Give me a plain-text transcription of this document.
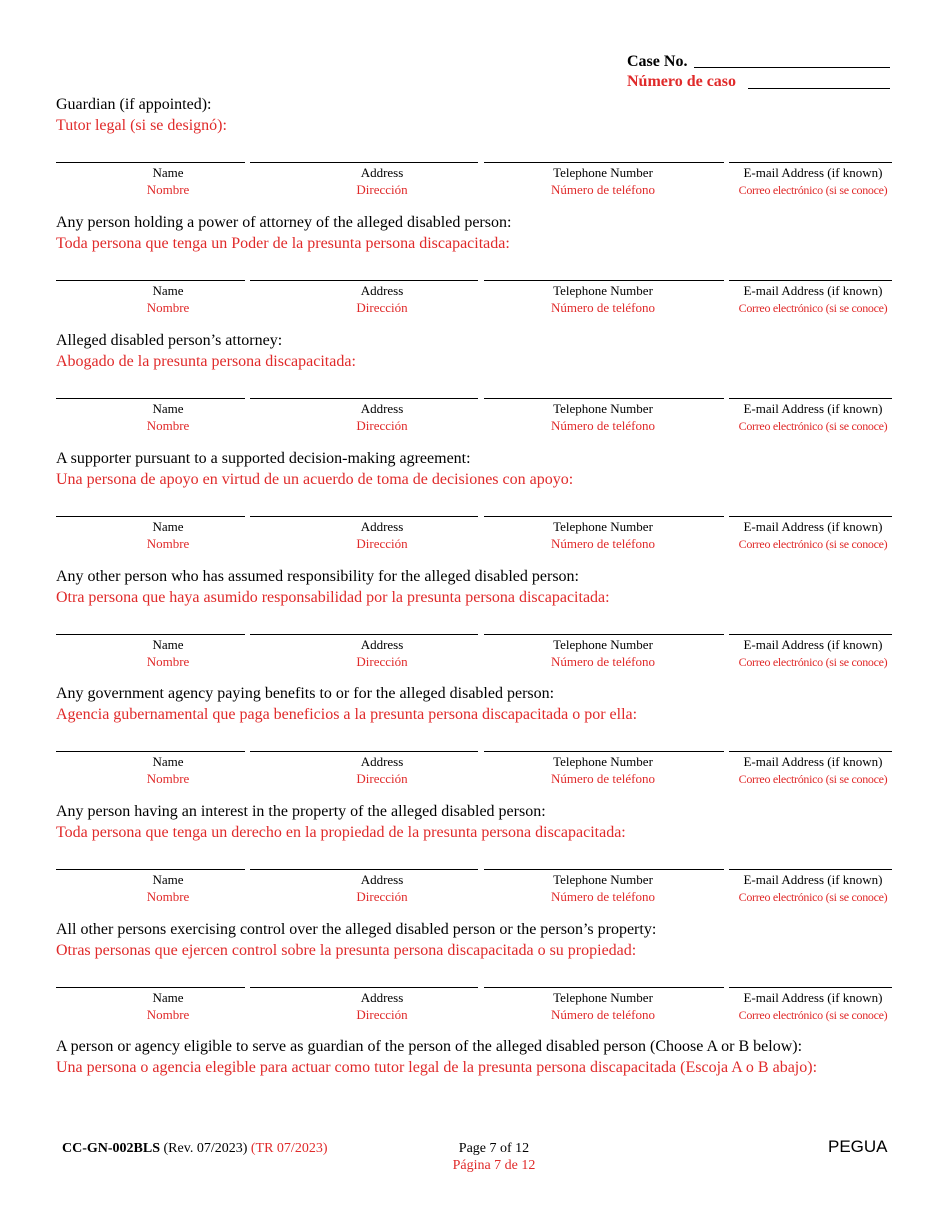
Case No.
Número de caso
Guardian (if appointed):
Tutor legal (si se designó):
Name
Nombre
Address
Dirección
Telephone Number
Número de teléfono
E-mail Address (if known)
Correo electrónico (si se conoce)
Any person holding a power of attorney of the alleged disabled person:
Toda persona que tenga un Poder de la presunta persona discapacitada:
Name
Nombre
Address
Dirección
Telephone Number
Número de teléfono
E-mail Address (if known)
Correo electrónico (si se conoce)
Alleged disabled person’s attorney:
Abogado de la presunta persona discapacitada:
Name
Nombre
Address
Dirección
Telephone Number
Número de teléfono
E-mail Address (if known)
Correo electrónico (si se conoce)
A supporter pursuant to a supported decision-making agreement:
Una persona de apoyo en virtud de un acuerdo de toma de decisiones con apoyo:
Name
Nombre
Address
Dirección
Telephone Number
Número de teléfono
E-mail Address (if known)
Correo electrónico (si se conoce)
Any other person who has assumed responsibility for the alleged disabled person:
Otra persona que haya asumido responsabilidad por la presunta persona discapacitada:
Name
Nombre
Address
Dirección
Telephone Number
Número de teléfono
E-mail Address (if known)
Correo electrónico (si se conoce)
Any government agency paying benefits to or for the alleged disabled person:
Agencia gubernamental que paga beneficios a la presunta persona discapacitada o por ella:
Name
Nombre
Address
Dirección
Telephone Number
Número de teléfono
E-mail Address (if known)
Correo electrónico (si se conoce)
Any person having an interest in the property of the alleged disabled person:
Toda persona que tenga un derecho en la propiedad de la presunta persona discapacitada:
Name
Nombre
Address
Dirección
Telephone Number
Número de teléfono
E-mail Address (if known)
Correo electrónico (si se conoce)
All other persons exercising control over the alleged disabled person or the person’s property:
Otras personas que ejercen control sobre la presunta persona discapacitada o su propiedad:
Name
Nombre
Address
Dirección
Telephone Number
Número de teléfono
E-mail Address (if known)
Correo electrónico (si se conoce)
A person or agency eligible to serve as guardian of the person of the alleged disabled person (Choose A or B below):
Una persona o agencia elegible para actuar como tutor legal de la presunta persona discapacitada (Escoja A o B abajo):
CC-GN-002BLS (Rev. 07/2023) (TR 07/2023)	Page 7 of 12
Página 7 de 12
PEGUA
